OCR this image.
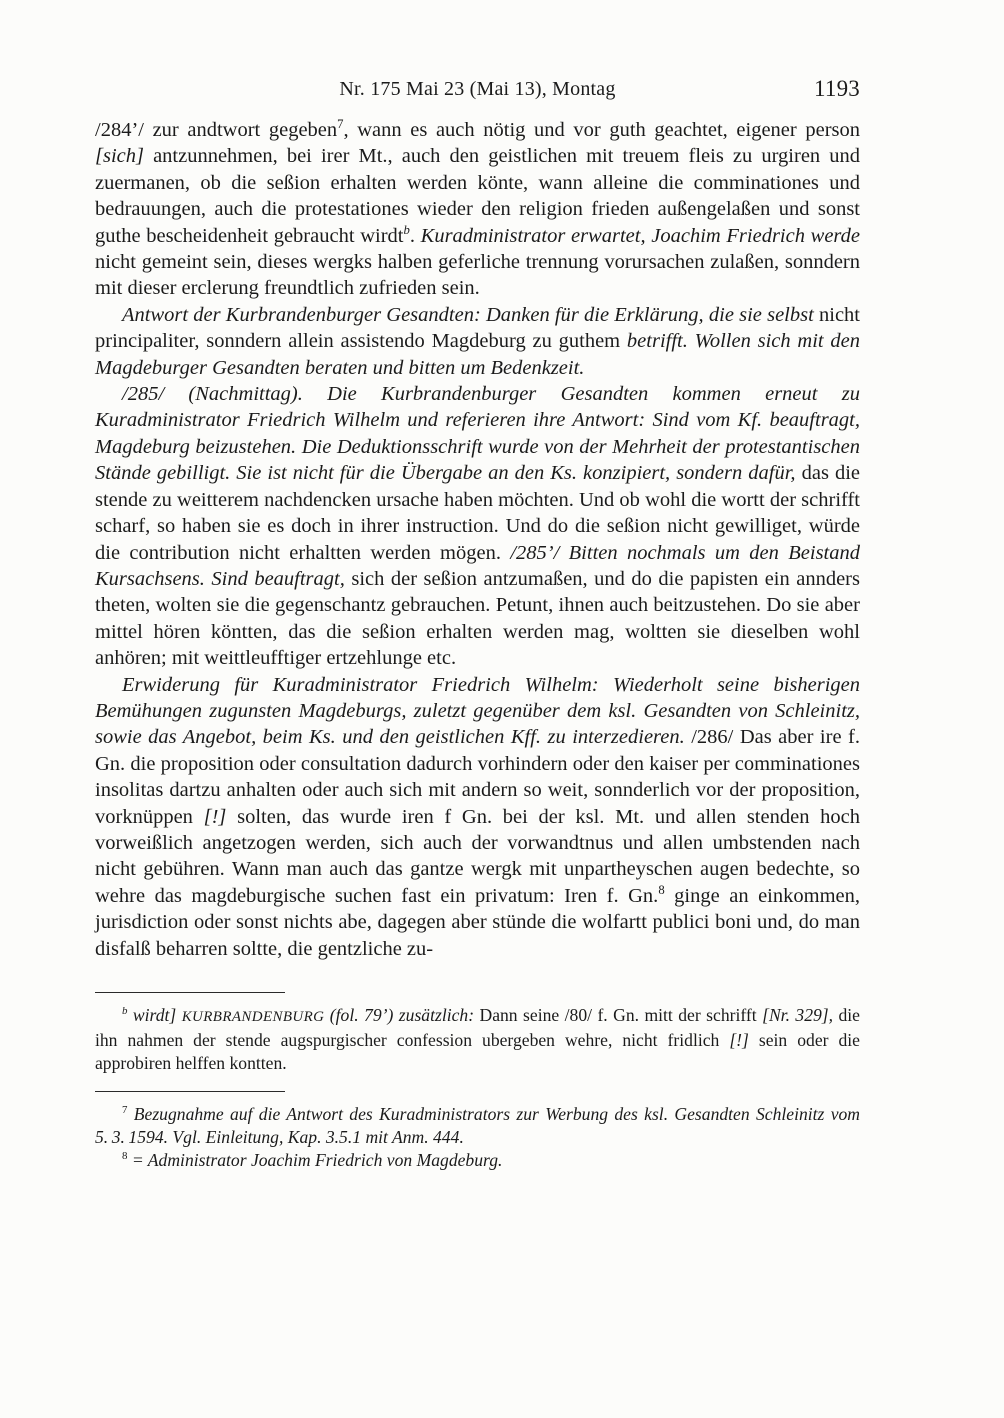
Nr. 175 Mai 23 (Mai 13), Montag	1193

/284’/ zur andtwort gegeben$^7$, wann es auch nötig und vor guth geachtet, eigener person [sich] antzunnehmen, bei irer Mt., auch den geistlichen mit treuem fleis zu urgiren und zuermanen, ob die seßion erhalten werden könte, wann alleine die comminationes und bedrauungen, auch die protestationes wieder den religion frieden außengelaßen und sonst guthe bescheidenheit gebraucht wirdt$^b$. Kuradministrator erwartet, Joachim Friedrich werde nicht gemeint sein, dieses wergks halben geferliche trennung vorursachen zulaßen, sonndern mit dieser erclerung freundtlich zufrieden sein.

Antwort der Kurbrandenburger Gesandten: Danken für die Erklärung, die sie selbst nicht principaliter, sonndern allein assistendo Magdeburg zu guthem betrifft. Wollen sich mit den Magdeburger Gesandten beraten und bitten um Bedenkzeit.

/285/ (Nachmittag). Die Kurbrandenburger Gesandten kommen erneut zu Kuradministrator Friedrich Wilhelm und referieren ihre Antwort: Sind vom Kf. beauftragt, Magdeburg beizustehen. Die Deduktionsschrift wurde von der Mehrheit der protestantischen Stände gebilligt. Sie ist nicht für die Übergabe an den Ks. konzipiert, sondern dafür, das die stende zu weitterem nachdencken ursache haben möchten. Und ob wohl die wortt der schrifft scharf, so haben sie es doch in ihrer instruction. Und do die seßion nicht gewilliget, würde die contribution nicht erhaltten werden mögen. /285’/ Bitten nochmals um den Beistand Kursachsens. Sind beauftragt, sich der seßion antzumaßen, und do die papisten ein annders theten, wolten sie die gegenschantz gebrauchen. Petunt, ihnen auch beitzustehen. Do sie aber mittel hören köntten, das die seßion erhalten werden mag, woltten sie dieselben wohl anhören; mit weittleufftiger ertzehlunge etc.

Erwiderung für Kuradministrator Friedrich Wilhelm: Wiederholt seine bisherigen Bemühungen zugunsten Magdeburgs, zuletzt gegenüber dem ksl. Gesandten von Schleinitz, sowie das Angebot, beim Ks. und den geistlichen Kff. zu interzedieren. /286/ Das aber ire f. Gn. die proposition oder consultation dadurch vorhindern oder den kaiser per comminationes insolitas dartzu anhalten oder auch sich mit andern so weit, sonnderlich vor der proposition, vorknüppen [!] solten, das wurde iren f Gn. bei der ksl. Mt. und allen stenden hoch vorweißlich angetzogen werden, sich auch der vorwandtnus und allen umbstenden nach nicht gebühren. Wann man auch das gantze wergk mit unpartheyschen augen bedechte, so wehre das magdeburgische suchen fast ein privatum: Iren f. Gn.$^8$ ginge an einkommen, jurisdiction oder sonst nichts abe, dagegen aber stünde die wolfartt publici boni und, do man disfalß beharren soltte, die gentzliche zu-

$^b$ wirdt] KURBRANDENBURG (fol. 79’) zusätzlich: Dann seine /80/ f. Gn. mitt der schrifft [Nr. 329], die ihn nahmen der stende augspurgischer confession ubergeben wehre, nicht fridlich [!] sein oder die approbiren helffen kontten.

$^7$ Bezugnahme auf die Antwort des Kuradministrators zur Werbung des ksl. Gesandten Schleinitz vom 5. 3. 1594. Vgl. Einleitung, Kap. 3.5.1 mit Anm. 444.

$^8$ = Administrator Joachim Friedrich von Magdeburg.
